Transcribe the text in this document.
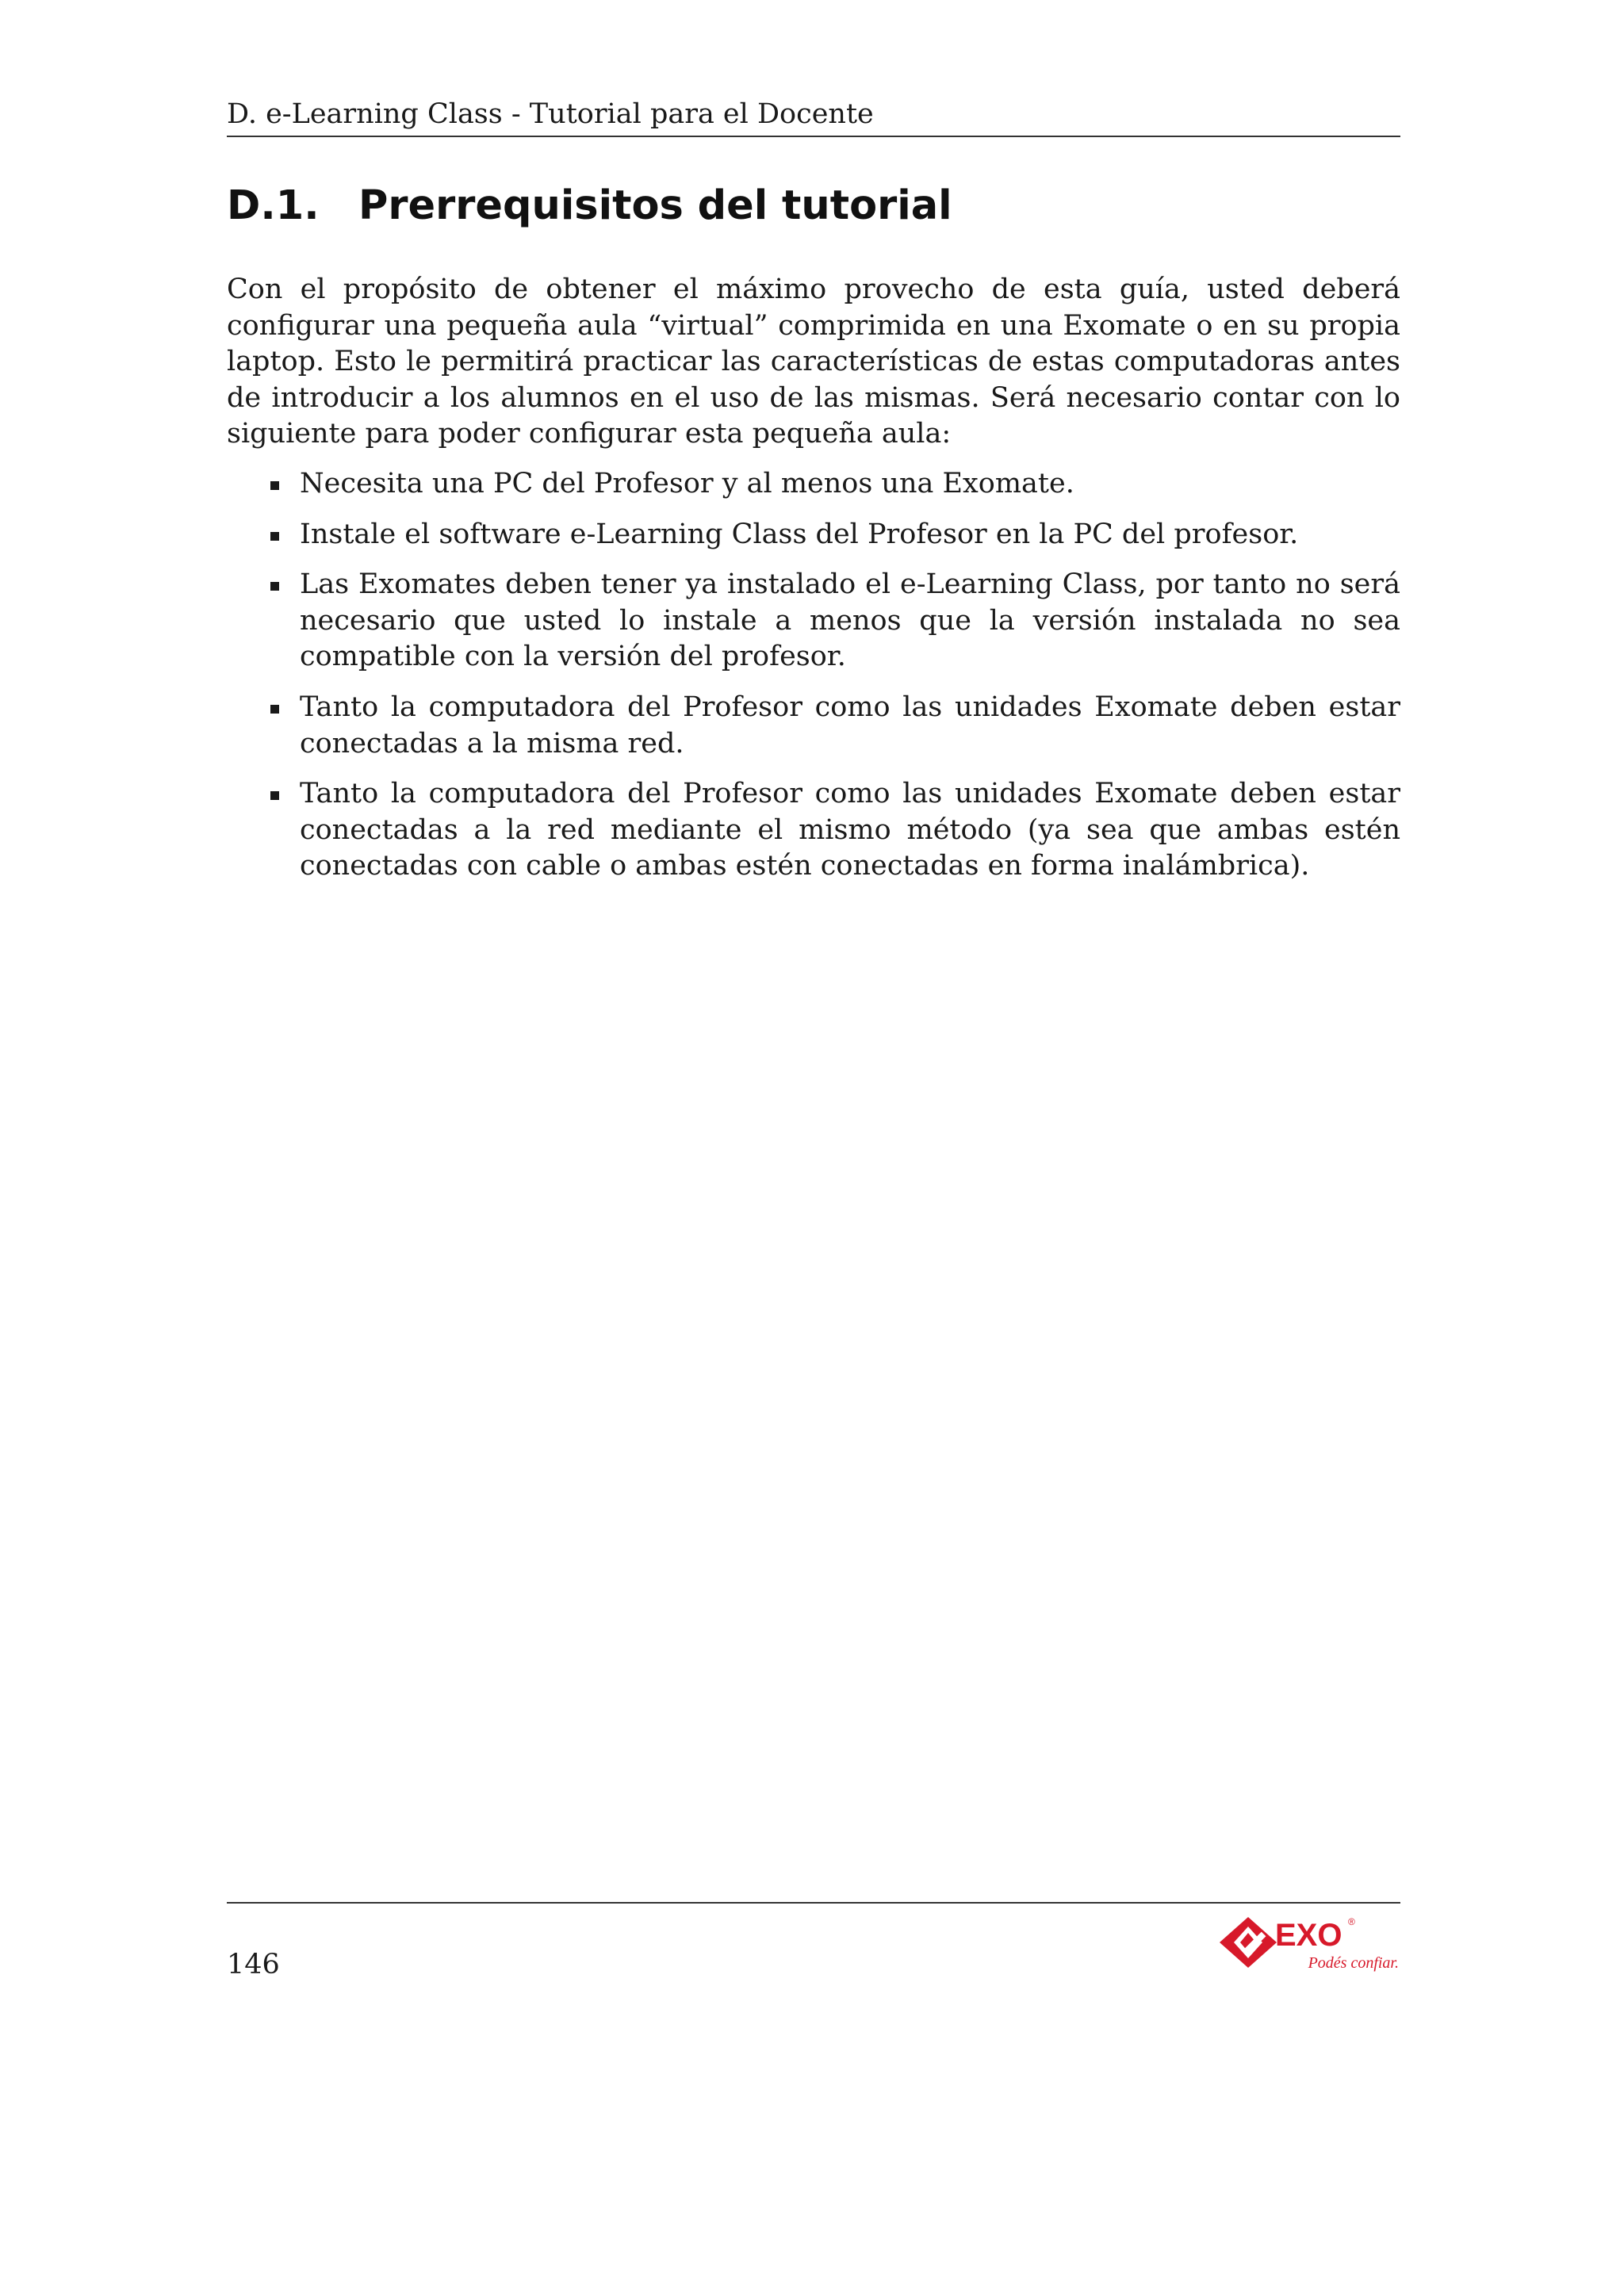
D. e-Learning Class - Tutorial para el Docente
D.1. Prerrequisitos del tutorial

Con el propósito de obtener el máximo provecho de esta guía, usted deberá configurar una pequeña aula “virtual” comprimida en una Exomate o en su propia laptop. Esto le permitirá practicar las características de estas computadoras antes de introducir a los alumnos en el uso de las mismas. Será necesario contar con lo siguiente para poder configurar esta pequeña aula:

Necesita una PC del Profesor y al menos una Exomate.
Instale el software e-Learning Class del Profesor en la PC del profesor.
Las Exomates deben tener ya instalado el e-Learning Class, por tanto no será necesario que usted lo instale a menos que la versión instalada no sea compatible con la versión del profesor.
Tanto la computadora del Profesor como las unidades Exomate deben estar conectadas a la misma red.
Tanto la computadora del Profesor como las unidades Exomate deben estar conectadas a la red mediante el mismo método (ya sea que ambas estén conectadas con cable o ambas estén conectadas en forma inalámbrica).
146
EXO ®
Podés confiar.
